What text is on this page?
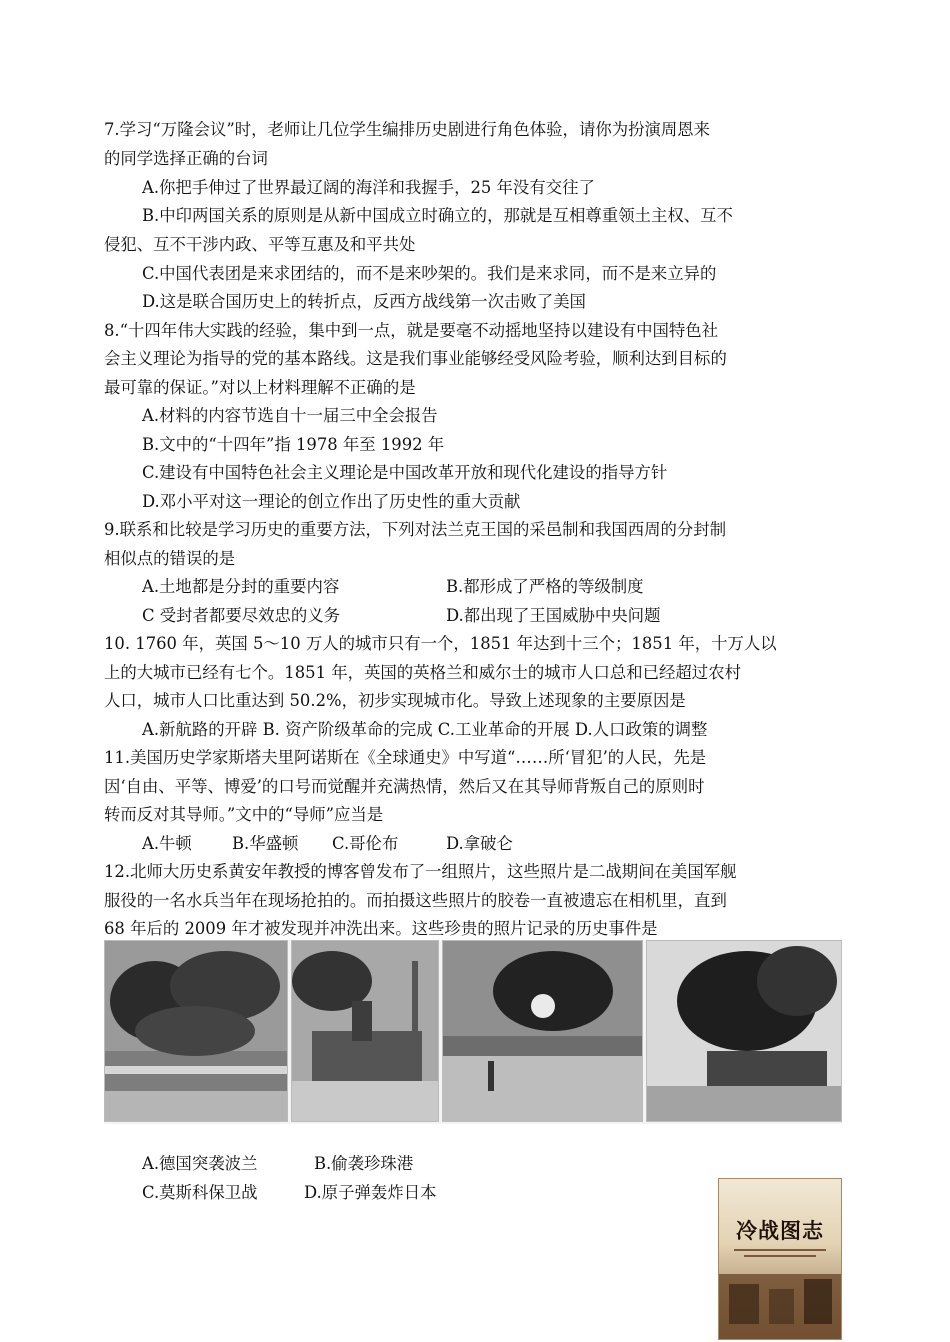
7.学习“万隆会议”时，老师让几位学生编排历史剧进行角色体验，请你为扮演周恩来
的同学选择正确的台词
A.你把手伸过了世界最辽阔的海洋和我握手，25 年没有交往了
B.中印两国关系的原则是从新中国成立时确立的，那就是互相尊重领土主权、互不
侵犯、互不干涉内政、平等互惠及和平共处
C.中国代表团是来求团结的，而不是来吵架的。我们是来求同，而不是来立异的
D.这是联合国历史上的转折点，反西方战线第一次击败了美国
8.“十四年伟大实践的经验，集中到一点，就是要毫不动摇地坚持以建设有中国特色社
会主义理论为指导的党的基本路线。这是我们事业能够经受风险考验，顺利达到目标的
最可靠的保证。”对以上材料理解不正确的是
A.材料的内容节选自十一届三中全会报告
B.文中的“十四年”指 1978 年至 1992 年
C.建设有中国特色社会主义理论是中国改革开放和现代化建设的指导方针
D.邓小平对这一理论的创立作出了历史性的重大贡献
9.联系和比较是学习历史的重要方法，下列对法兰克王国的采邑制和我国西周的分封制
相似点的错误的是
A.土地都是分封的重要内容	B.都形成了严格的等级制度
C 受封者都要尽效忠的义务	D.都出现了王国威胁中央问题
10. 1760 年，英国 5～10 万人的城市只有一个，1851 年达到十三个；1851 年，十万人以
上的大城市已经有七个。1851 年，英国的英格兰和威尔士的城市人口总和已经超过农村
人口，城市人口比重达到 50.2%，初步实现城市化。导致上述现象的主要原因是
A.新航路的开辟 B. 资产阶级革命的完成 C.工业革命的开展 D.人口政策的调整
11.美国历史学家斯塔夫里阿诺斯在《全球通史》中写道“……所‘冒犯’的人民，先是
因‘自由、平等、博爱’的口号而觉醒并充满热情，然后又在其导师背叛自己的原则时
转而反对其导师。”文中的“导师”应当是
A.牛顿 B.华盛顿 C.哥伦布	D.拿破仑
12.北师大历史系黄安年教授的博客曾发布了一组照片，这些照片是二战期间在美国军舰
服役的一名水兵当年在现场抢拍的。而拍摄这些照片的胶卷一直被遗忘在相机里，直到
68 年后的 2009 年才被发现并冲洗出来。这些珍贵的照片记录的历史事件是
A.德国突袭波兰	B.偷袭珍珠港
C.莫斯科保卫战	D.原子弹轰炸日本
冷战图志
